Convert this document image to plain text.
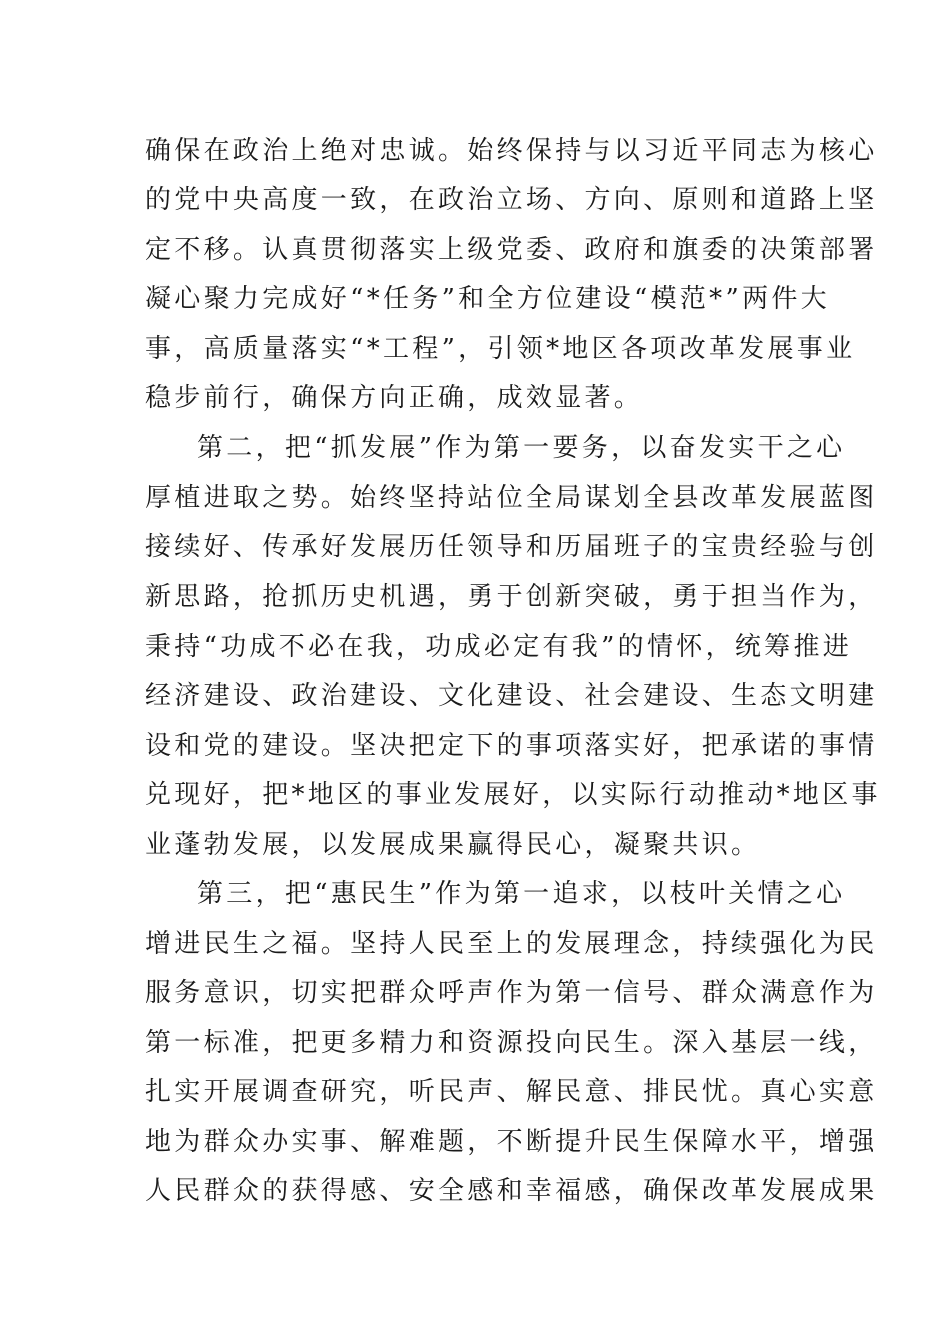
确保在政治上绝对忠诚。始终保持与以习近平同志为核心
的党中央高度一致，在政治立场、方向、原则和道路上坚
定不移。认真贯彻落实上级党委、政府和旗委的决策部署
凝心聚力完成好“*任务”和全方位建设“模范*”两件大
事，高质量落实“*工程”，引领*地区各项改革发展事业
稳步前行，确保方向正确，成效显著。
第二，把“抓发展”作为第一要务，以奋发实干之心
厚植进取之势。始终坚持站位全局谋划全县改革发展蓝图
接续好、传承好发展历任领导和历届班子的宝贵经验与创
新思路，抢抓历史机遇，勇于创新突破，勇于担当作为，
秉持“功成不必在我，功成必定有我”的情怀，统筹推进
经济建设、政治建设、文化建设、社会建设、生态文明建
设和党的建设。坚决把定下的事项落实好，把承诺的事情
兑现好，把*地区的事业发展好，以实际行动推动*地区事
业蓬勃发展，以发展成果赢得民心，凝聚共识。
第三，把“惠民生”作为第一追求，以枝叶关情之心
增进民生之福。坚持人民至上的发展理念，持续强化为民
服务意识，切实把群众呼声作为第一信号、群众满意作为
第一标准，把更多精力和资源投向民生。深入基层一线，
扎实开展调查研究，听民声、解民意、排民忧。真心实意
地为群众办实事、解难题，不断提升民生保障水平，增强
人民群众的获得感、安全感和幸福感，确保改革发展成果
